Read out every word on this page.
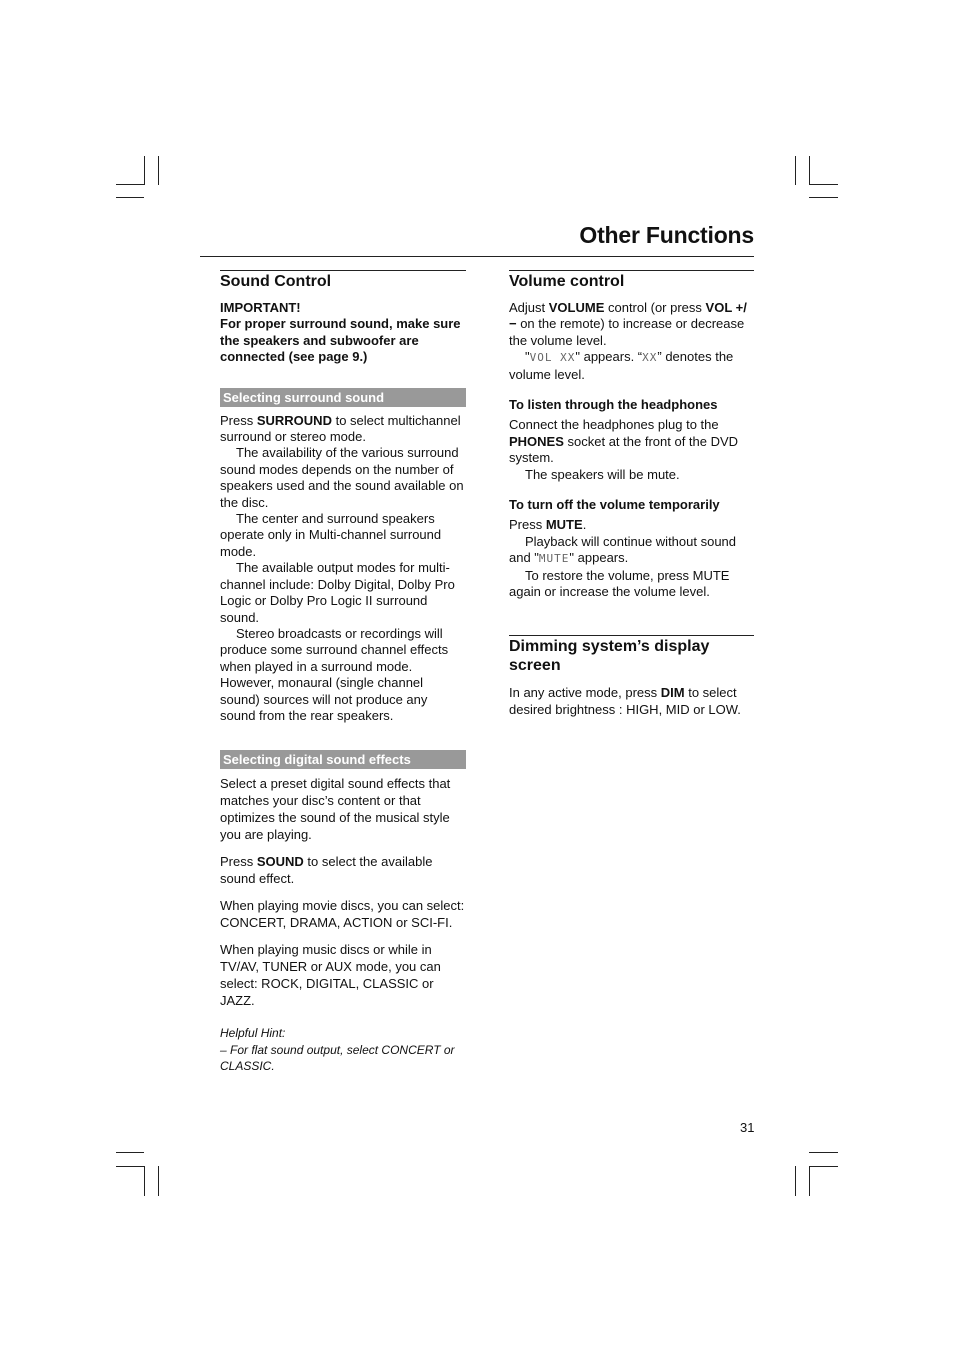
Other Functions
Sound Control
IMPORTANT!
For proper surround sound, make sure the speakers and subwoofer are connected (see page 9.)
Selecting surround sound

Press SURROUND to select multichannel surround or stereo mode.

The availability of the various surround sound modes depends on the number of speakers used and the sound available on the disc.

The center and surround speakers operate only in Multi-channel surround mode.

The available output modes for multi-channel include: Dolby Digital, Dolby Pro Logic or Dolby Pro Logic II surround sound.

Stereo broadcasts or recordings will produce some surround channel effects when played in a surround mode. However, monaural (single channel sound) sources will not produce any sound from the rear speakers.

Selecting digital sound effects

Select a preset digital sound effects that matches your disc’s content or that optimizes the sound of the musical style you are playing.

Press SOUND to select the available sound effect.

When playing movie discs, you can select: CONCERT, DRAMA, ACTION or SCI-FI.

When playing music discs or while in TV/AV, TUNER or AUX mode, you can select: ROCK, DIGITAL, CLASSIC or JAZZ.

Helpful Hint:

– For flat sound output, select CONCERT or CLASSIC.

Volume control

Adjust VOLUME control (or press VOL +/− on the remote) to increase or decrease the volume level.

"VOL XX" appears. “XX” denotes the volume level.

To listen through the headphones

Connect the headphones plug to the PHONES socket at the front of the DVD system.

The speakers will be mute.

To turn off the volume temporarily

Press MUTE.

Playback will continue without sound and "MUTE" appears.

To restore the volume, press MUTE again or increase the volume level.

Dimming system’s display screen

In any active mode, press DIM to select desired brightness : HIGH, MID or LOW.

31
